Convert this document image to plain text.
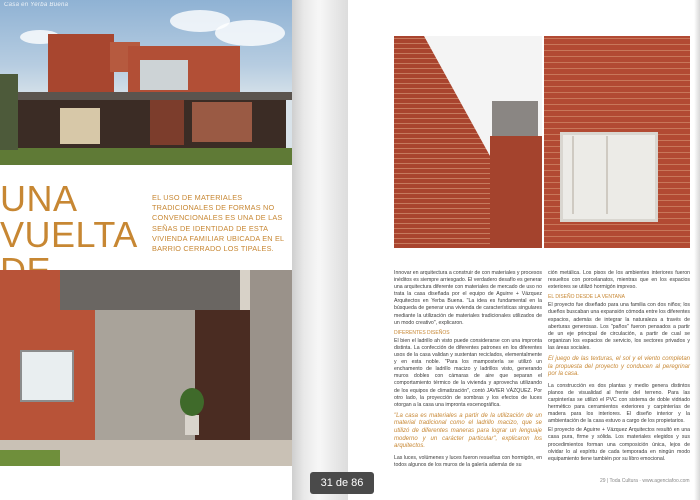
Casa en Yerba Buena
UNA VUELTA
EL USO DE MATERIALES TRADICIONALES DE FORMAS NO CONVENCIONALES ES UNA DE LAS SEÑAS DE IDENTIDAD DE ESTA VIVIENDA FAMILIAR UBICADA EN EL BARRIO CERRADO LOS TIPALES.

Innovar en arquitectura a construir de con materiales y procesos inéditos es siempre arriesgado. El verdadero desafío es generar una arquitectura diferente con materiales de mercado de uso no trata la casa diseñada por el equipo de Aguirre + Vázquez Arquitectos en Yerba Buena. "La idea es fundamental en la búsqueda de generar una vivienda de características singulares mediante la utilización de materiales tradicionales utilizados de un modo creativo", explicaron.

DIFERENTES DISEÑOS

El bien el ladrillo ah visto puede considerarse con una impronta distinta. La confección de diferentes patrones en los diferentes usos de la casa validan y sustentan reciclados, elementalmente y en esta noble. "Para los mampostería se utilizó un enchamento de ladrillo macizo y ladrillos visto, generando muros dobles con cámaras de aire que separan el comportamiento térmico de la vivienda y aprovecha utilizando de los equipos de climatización", contó JAVIER VÁZQUEZ. Por otro lado, la proyección de sombras y los efectos de luces otorgan a la casa una impronta escenográfica.

"La casa es materiales a partir de la utilización de un material tradicional como el ladrillo macizo, que se utilizó de diferentes maneras para lograr un lenguaje moderno y un carácter particular", explicaron los arquitectos.

Las luces, volúmenes y luces fueron resueltas con hormigón, en todos algunos de los muros de la galería además de su

ción metálica. Los pisos de los ambientes interiores fueron resueltos con porcelanatos, mientras que en los espacios exteriores se utilizó hormigón impreso.

EL DISEÑO DESDE LA VENTANA

El proyecto fue diseñado para una familia con dos niños; los dueños buscaban una expansión cómoda entre los diferentes espacios, además de integrar la naturaleza a través de aberturas generosas. Los "paños" fueron pensados a partir de un eje principal de circulación, a partir de cual se organizan los espacios de servicio, los sectores privados y las áreas sociales.

El juego de las texturas, el sol y el viento completan la propuesta del proyecto y conducen al peregrinar por la casa.

La construcción es dos plantas y medio genera distintos planos de visualidad al frente del terreno. Para las carpinterías se utilizó el PVC con sistema de doble vidriado hermético para cerramientos exteriores y carpinterías de madera para los interiores. El diseño interior y la ambientación de la casa estuvo a cargo de los propietarios.

El proyecto de Aguirre + Vázquez Arquitectos resultó en una casa pura, firme y sólida. Los materiales elegidos y sus procedimientos forman una composición única, lejos de olvidar lo al espíritu de cada temporada en ningún modo equipamiento tiene también por su libro emocional.

29 | Toda Cultura · www.agenciafoo.com
31 de 86
